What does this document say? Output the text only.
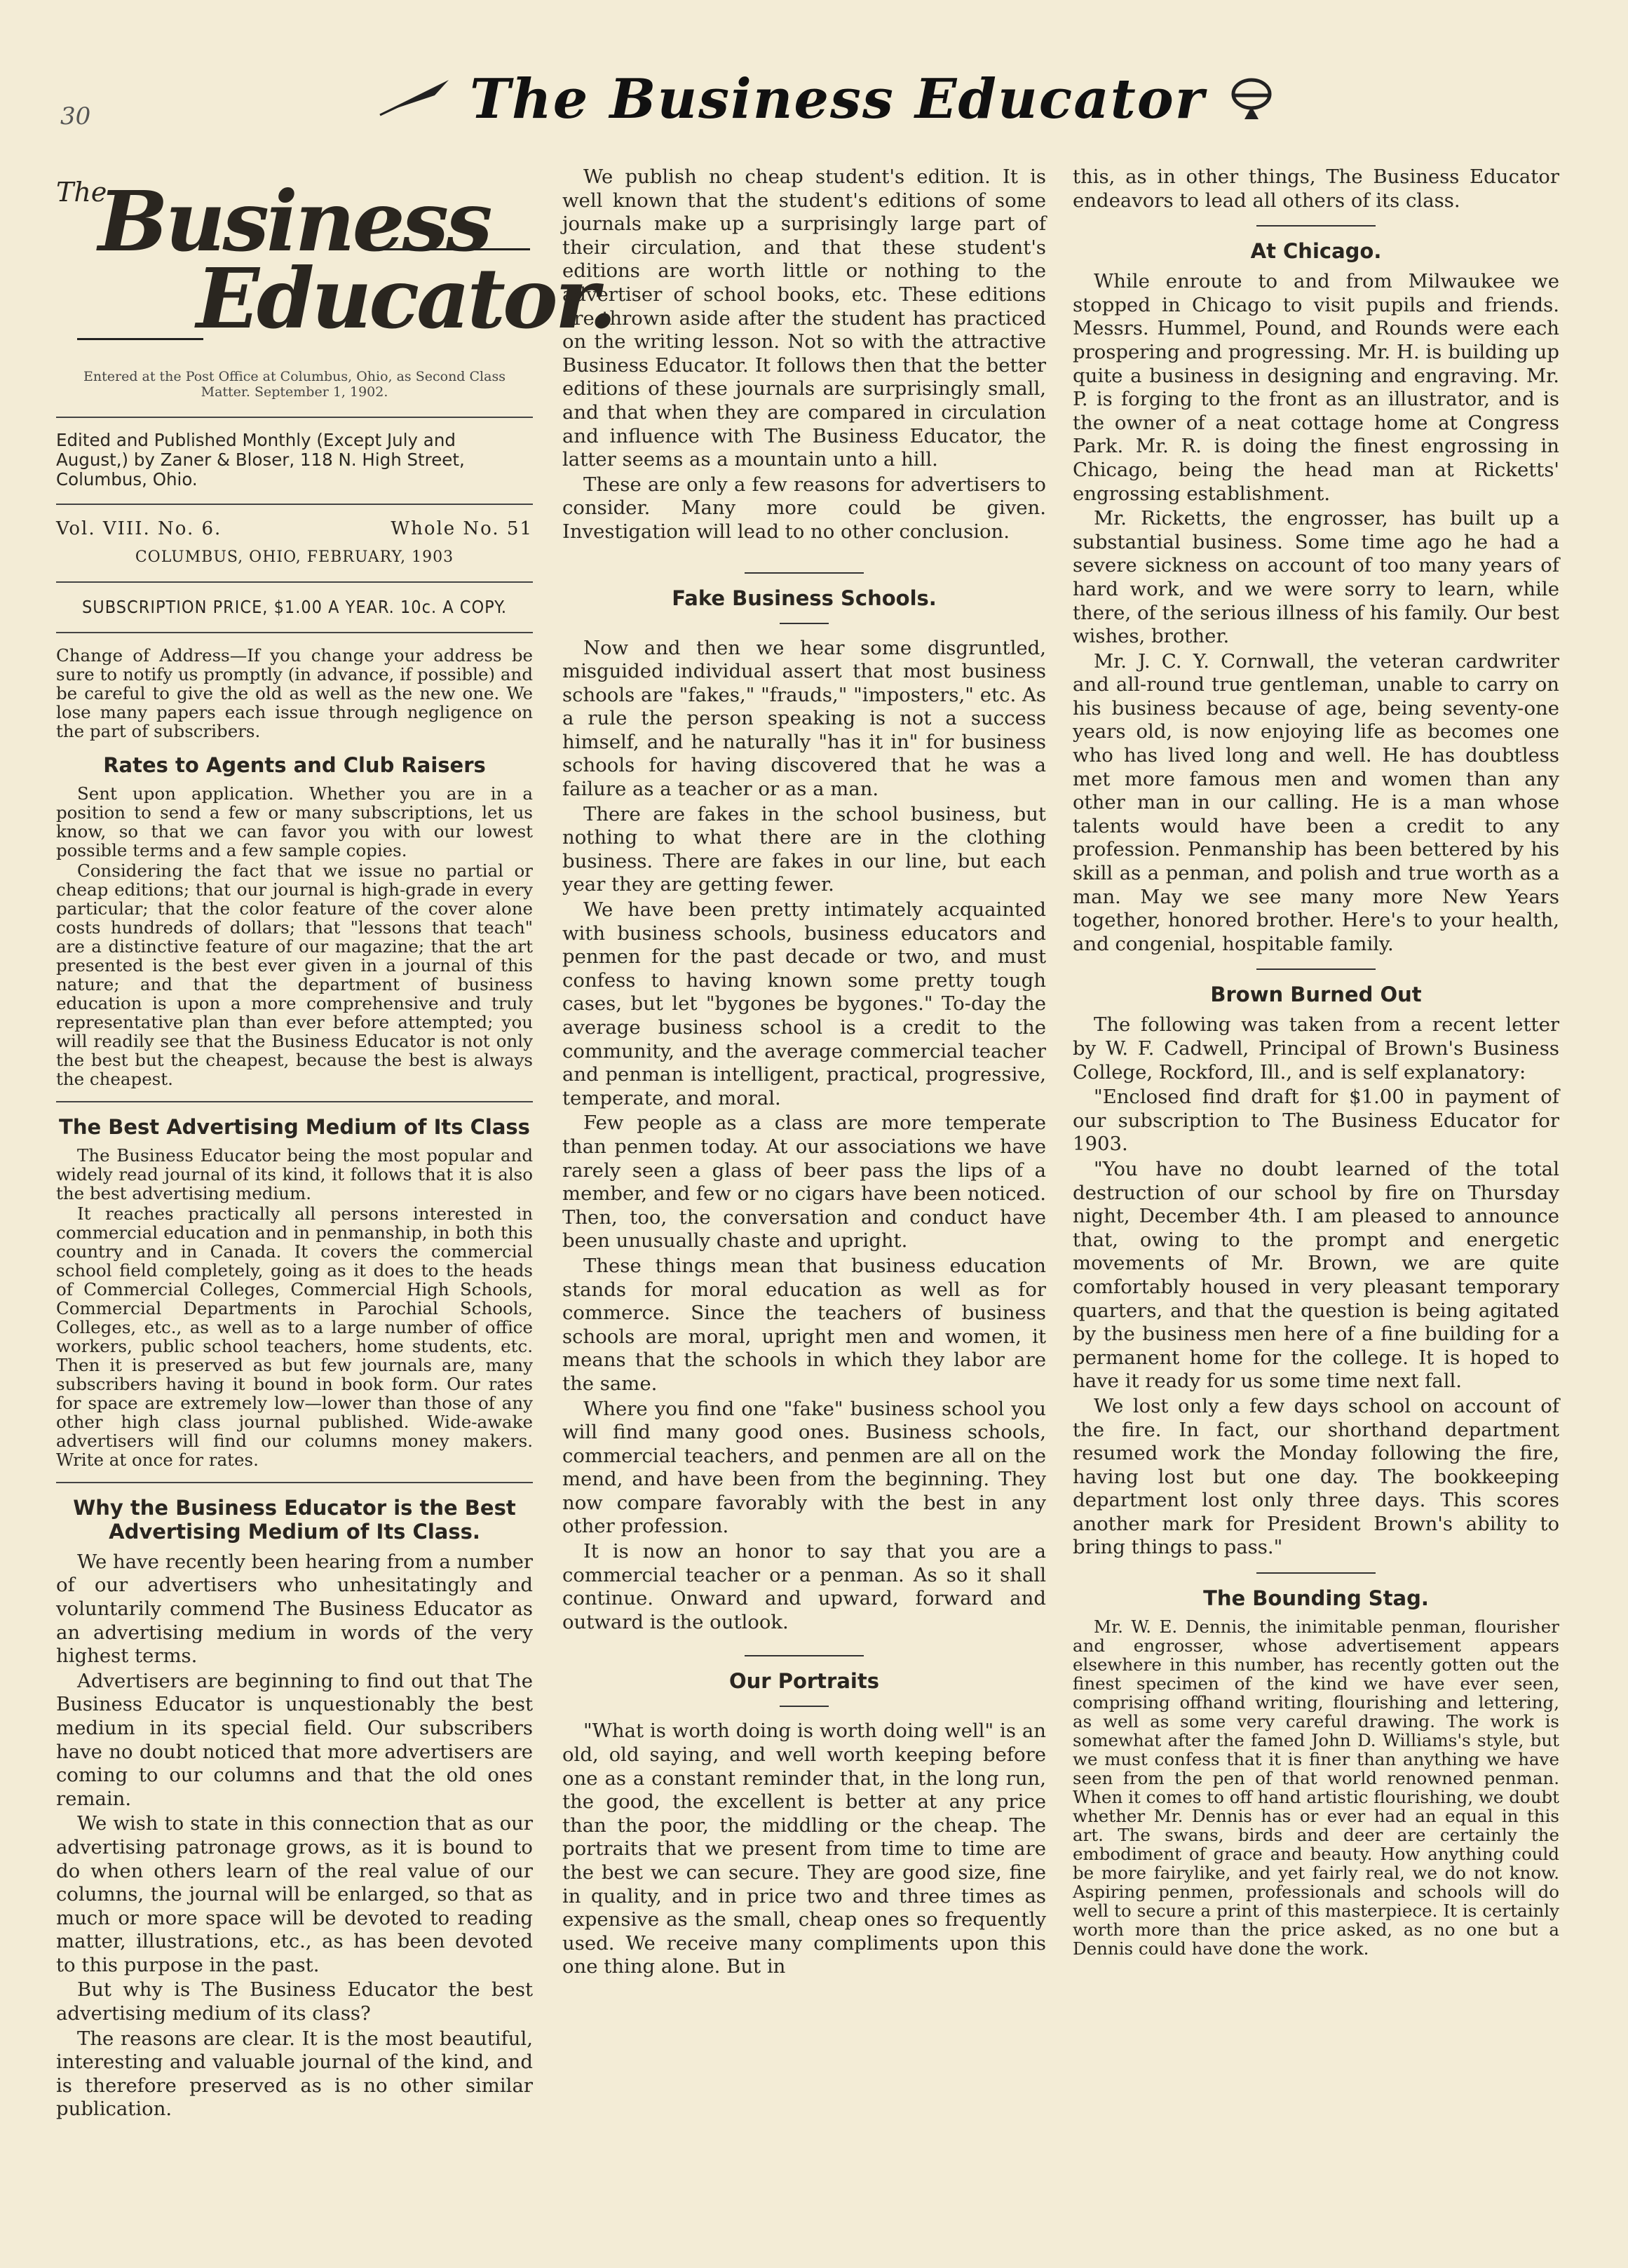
30	The Business Educator
The
Business
Educator.
Entered at the Post Office at Columbus, Ohio, as Second Class Matter. September 1, 1902.
Edited and Published Monthly (Except July and August,) by Zaner & Bloser, 118 N. High Street, Columbus, Ohio.
Vol. VIII. No. 6.	Whole No. 51
COLUMBUS, OHIO, FEBRUARY, 1903
SUBSCRIPTION PRICE, $1.00 A YEAR. 10c. A COPY.

Change of Address—If you change your address be sure to notify us promptly (in advance, if possible) and be careful to give the old as well as the new one. We lose many papers each issue through negligence on the part of subscribers.

Rates to Agents and Club Raisers

Sent upon application. Whether you are in a position to send a few or many subscriptions, let us know, so that we can favor you with our lowest possible terms and a few sample copies.

Considering the fact that we issue no partial or cheap editions; that our journal is high-grade in every particular; that the color feature of the cover alone costs hundreds of dollars; that "lessons that teach" are a distinctive feature of our magazine; that the art presented is the best ever given in a journal of this nature; and that the department of business education is upon a more comprehensive and truly representative plan than ever before attempted; you will readily see that the Business Educator is not only the best but the cheapest, because the best is always the cheapest.

The Best Advertising Medium of Its Class

The Business Educator being the most popular and widely read journal of its kind, it follows that it is also the best advertising medium.

It reaches practically all persons interested in commercial education and in penmanship, in both this country and in Canada. It covers the commercial school field completely, going as it does to the heads of Commercial Colleges, Commercial High Schools, Commercial Departments in Parochial Schools, Colleges, etc., as well as to a large number of office workers, public school teachers, home students, etc. Then it is preserved as but few journals are, many subscribers having it bound in book form. Our rates for space are extremely low—lower than those of any other high class journal published. Wide-awake advertisers will find our columns money makers. Write at once for rates.

Why the Business Educator is the Best Advertising Medium of Its Class.

We have recently been hearing from a number of our advertisers who unhesitatingly and voluntarily commend The Business Educator as an advertising medium in words of the very highest terms.

Advertisers are beginning to find out that The Business Educator is unquestionably the best medium in its special field. Our subscribers have no doubt noticed that more advertisers are coming to our columns and that the old ones remain.

We wish to state in this connection that as our advertising patronage grows, as it is bound to do when others learn of the real value of our columns, the journal will be enlarged, so that as much or more space will be devoted to reading matter, illustrations, etc., as has been devoted to this purpose in the past.

But why is The Business Educator the best advertising medium of its class?

The reasons are clear. It is the most beautiful, interesting and valuable journal of the kind, and is therefore preserved as is no other similar publication.

We publish no cheap student's edition. It is well known that the student's editions of some journals make up a surprisingly large part of their circulation, and that these student's editions are worth little or nothing to the advertiser of school books, etc. These editions are thrown aside after the student has practiced on the writing lesson. Not so with the attractive Business Educator. It follows then that the better editions of these journals are surprisingly small, and that when they are compared in circulation and influence with The Business Educator, the latter seems as a mountain unto a hill.

These are only a few reasons for advertisers to consider. Many more could be given. Investigation will lead to no other conclusion.

Fake Business Schools.

Now and then we hear some disgruntled, misguided individual assert that most business schools are "fakes," "frauds," "imposters," etc. As a rule the person speaking is not a success himself, and he naturally "has it in" for business schools for having discovered that he was a failure as a teacher or as a man.

There are fakes in the school business, but nothing to what there are in the clothing business. There are fakes in our line, but each year they are getting fewer.

We have been pretty intimately acquainted with business schools, business educators and penmen for the past decade or two, and must confess to having known some pretty tough cases, but let "bygones be bygones." To-day the average business school is a credit to the community, and the average commercial teacher and penman is intelligent, practical, progressive, temperate, and moral.

Few people as a class are more temperate than penmen today. At our associations we have rarely seen a glass of beer pass the lips of a member, and few or no cigars have been noticed. Then, too, the conversation and conduct have been unusually chaste and upright.

These things mean that business education stands for moral education as well as for commerce. Since the teachers of business schools are moral, upright men and women, it means that the schools in which they labor are the same.

Where you find one "fake" business school you will find many good ones. Business schools, commercial teachers, and penmen are all on the mend, and have been from the beginning. They now compare favorably with the best in any other profession.

It is now an honor to say that you are a commercial teacher or a penman. As so it shall continue. Onward and upward, forward and outward is the outlook.

Our Portraits

"What is worth doing is worth doing well" is an old, old saying, and well worth keeping before one as a constant reminder that, in the long run, the good, the excellent is better at any price than the poor, the middling or the cheap. The portraits that we present from time to time are the best we can secure. They are good size, fine in quality, and in price two and three times as expensive as the small, cheap ones so frequently used. We receive many compliments upon this one thing alone. But in

this, as in other things, The Business Educator endeavors to lead all others of its class.

At Chicago.

While enroute to and from Milwaukee we stopped in Chicago to visit pupils and friends. Messrs. Hummel, Pound, and Rounds were each prospering and progressing. Mr. H. is building up quite a business in designing and engraving. Mr. P. is forging to the front as an illustrator, and is the owner of a neat cottage home at Congress Park. Mr. R. is doing the finest engrossing in Chicago, being the head man at Ricketts' engrossing establishment.

Mr. Ricketts, the engrosser, has built up a substantial business. Some time ago he had a severe sickness on account of too many years of hard work, and we were sorry to learn, while there, of the serious illness of his family. Our best wishes, brother.

Mr. J. C. Y. Cornwall, the veteran cardwriter and all-round true gentleman, unable to carry on his business because of age, being seventy-one years old, is now enjoying life as becomes one who has lived long and well. He has doubtless met more famous men and women than any other man in our calling. He is a man whose talents would have been a credit to any profession. Penmanship has been bettered by his skill as a penman, and polish and true worth as a man. May we see many more New Years together, honored brother. Here's to your health, and congenial, hospitable family.

Brown Burned Out

The following was taken from a recent letter by W. F. Cadwell, Principal of Brown's Business College, Rockford, Ill., and is self explanatory:

"Enclosed find draft for $1.00 in payment of our subscription to The Business Educator for 1903.

"You have no doubt learned of the total destruction of our school by fire on Thursday night, December 4th. I am pleased to announce that, owing to the prompt and energetic movements of Mr. Brown, we are quite comfortably housed in very pleasant temporary quarters, and that the question is being agitated by the business men here of a fine building for a permanent home for the college. It is hoped to have it ready for us some time next fall.

We lost only a few days school on account of the fire. In fact, our shorthand department resumed work the Monday following the fire, having lost but one day. The bookkeeping department lost only three days. This scores another mark for President Brown's ability to bring things to pass."

The Bounding Stag.

Mr. W. E. Dennis, the inimitable penman, flourisher and engrosser, whose advertisement appears elsewhere in this number, has recently gotten out the finest specimen of the kind we have ever seen, comprising offhand writing, flourishing and lettering, as well as some very careful drawing. The work is somewhat after the famed John D. Williams's style, but we must confess that it is finer than anything we have seen from the pen of that world renowned penman. When it comes to off hand artistic flourishing, we doubt whether Mr. Dennis has or ever had an equal in this art. The swans, birds and deer are certainly the embodiment of grace and beauty. How anything could be more fairylike, and yet fairly real, we do not know. Aspiring penmen, professionals and schools will do well to secure a print of this masterpiece. It is certainly worth more than the price asked, as no one but a Dennis could have done the work.
